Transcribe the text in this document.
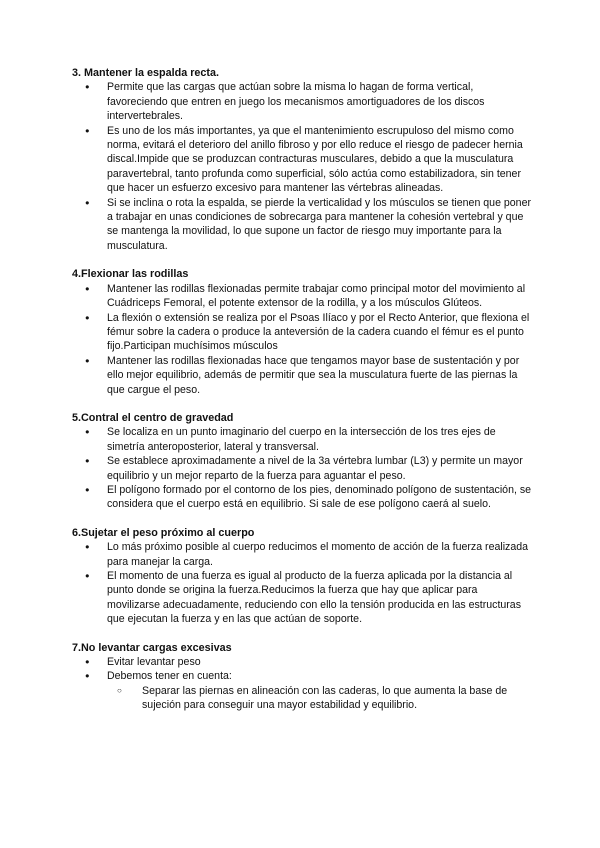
3. Mantener la espalda recta.

● Permite que las cargas que actúan sobre la misma lo hagan de forma vertical, favoreciendo que entren en juego los mecanismos amortiguadores de los discos intervertebrales.
● Es uno de los más importantes, ya que el mantenimiento escrupuloso del mismo como norma, evitará el deterioro del anillo fibroso y por ello reduce el riesgo de padecer hernia discal.Impide que se produzcan contracturas musculares, debido a que la musculatura paravertebral, tanto profunda como superficial, sólo actúa como estabilizadora, sin tener que hacer un esfuerzo excesivo para mantener las vértebras alineadas.
● Si se inclina o rota la espalda, se pierde la verticalidad y los músculos se tienen que poner a trabajar en unas condiciones de sobrecarga para mantener la cohesión vertebral y que se mantenga la movilidad, lo que supone un factor de riesgo muy importante para la musculatura.

4.Flexionar las rodillas

● Mantener las rodillas flexionadas permite trabajar como principal motor del movimiento al Cuádriceps Femoral, el potente extensor de la rodilla, y a los músculos Glúteos.
● La flexión o extensión se realiza por el Psoas Ilíaco y por el Recto Anterior, que flexiona el fémur sobre la cadera o produce la anteversión de la cadera cuando el fémur es el punto fijo.Participan muchísimos músculos
● Mantener las rodillas flexionadas hace que tengamos mayor base de sustentación y por ello mejor equilibrio, además de permitir que sea la musculatura fuerte de las piernas la que cargue el peso.

5.Contral el centro de gravedad

● Se localiza en un punto imaginario del cuerpo en la intersección de los tres ejes de simetría anteroposterior, lateral y transversal.
● Se establece aproximadamente a nivel de la 3a vértebra lumbar (L3) y permite un mayor equilibrio y un mejor reparto de la fuerza para aguantar el peso.
● El polígono formado por el contorno de los pies, denominado polígono de sustentación, se considera que el cuerpo está en equilibrio. Si sale de ese polígono caerá al suelo.

6.Sujetar el peso próximo al cuerpo

● Lo más próximo posible al cuerpo reducimos el momento de acción de la fuerza realizada para manejar la carga.
● El momento de una fuerza es igual al producto de la fuerza aplicada por la distancia al punto donde se origina la fuerza.Reducimos la fuerza que hay que aplicar para movilizarse adecuadamente, reduciendo con ello la tensión producida en las estructuras que ejecutan la fuerza y en las que actúan de soporte.

7.No levantar cargas excesivas

● Evitar levantar peso
● Debemos tener en cuenta:
○ Separar las piernas en alineación con las caderas, lo que aumenta la base de sujeción para conseguir una mayor estabilidad y equilibrio.
